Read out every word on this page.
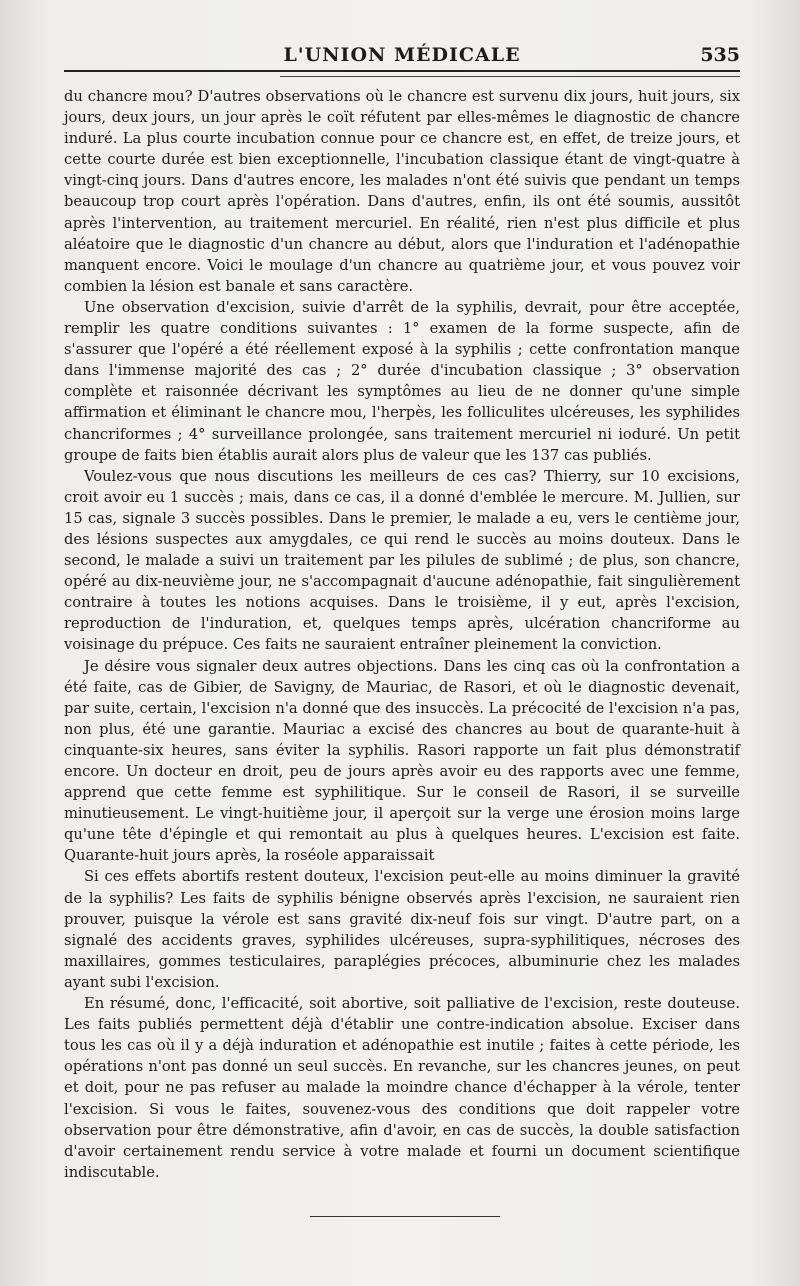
L'UNION MÉDICALE	535

du chancre mou? D'autres observations où le chancre est survenu dix jours, huit jours, six jours, deux jours, un jour après le coït réfutent par elles-mêmes le diagnostic de chancre induré. La plus courte incubation connue pour ce chancre est, en effet, de treize jours, et cette courte durée est bien exceptionnelle, l'incubation classique étant de vingt-quatre à vingt-cinq jours. Dans d'autres encore, les malades n'ont été suivis que pendant un temps beaucoup trop court après l'opération. Dans d'autres, enfin, ils ont été soumis, aussitôt après l'intervention, au traitement mercuriel. En réalité, rien n'est plus difficile et plus aléatoire que le diagnostic d'un chancre au début, alors que l'induration et l'adénopathie manquent encore. Voici le moulage d'un chancre au quatrième jour, et vous pouvez voir combien la lésion est banale et sans caractère.

Une observation d'excision, suivie d'arrêt de la syphilis, devrait, pour être acceptée, remplir les quatre conditions suivantes : 1° examen de la forme suspecte, afin de s'assurer que l'opéré a été réellement exposé à la syphilis ; cette confrontation manque dans l'immense majorité des cas ; 2° durée d'incubation classique ; 3° observation complète et raisonnée décrivant les symptômes au lieu de ne donner qu'une simple affirmation et éliminant le chancre mou, l'herpès, les folliculites ulcéreuses, les syphilides chancriformes ; 4° surveillance prolongée, sans traitement mercuriel ni ioduré. Un petit groupe de faits bien établis aurait alors plus de valeur que les 137 cas publiés.

Voulez-vous que nous discutions les meilleurs de ces cas? Thierry, sur 10 excisions, croit avoir eu 1 succès ; mais, dans ce cas, il a donné d'emblée le mercure. M. Jullien, sur 15 cas, signale 3 succès possibles. Dans le premier, le malade a eu, vers le centième jour, des lésions suspectes aux amygdales, ce qui rend le succès au moins douteux. Dans le second, le malade a suivi un traitement par les pilules de sublimé ; de plus, son chancre, opéré au dix-neuvième jour, ne s'accompagnait d'aucune adénopathie, fait singulièrement contraire à toutes les notions acquises. Dans le troisième, il y eut, après l'excision, reproduction de l'induration, et, quelques temps après, ulcération chancriforme au voisinage du prépuce. Ces faits ne sauraient entraîner pleinement la conviction.

Je désire vous signaler deux autres objections. Dans les cinq cas où la confrontation a été faite, cas de Gibier, de Savigny, de Mauriac, de Rasori, et où le diagnostic devenait, par suite, certain, l'excision n'a donné que des insuccès. La précocité de l'excision n'a pas, non plus, été une garantie. Mauriac a excisé des chancres au bout de quarante-huit à cinquante-six heures, sans éviter la syphilis. Rasori rapporte un fait plus démonstratif encore. Un docteur en droit, peu de jours après avoir eu des rapports avec une femme, apprend que cette femme est syphilitique. Sur le conseil de Rasori, il se surveille minutieusement. Le vingt-huitième jour, il aperçoit sur la verge une érosion moins large qu'une tête d'épingle et qui remontait au plus à quelques heures. L'excision est faite. Quarante-huit jours après, la roséole apparaissait

Si ces effets abortifs restent douteux, l'excision peut-elle au moins diminuer la gravité de la syphilis? Les faits de syphilis bénigne observés après l'excision, ne sauraient rien prouver, puisque la vérole est sans gravité dix-neuf fois sur vingt. D'autre part, on a signalé des accidents graves, syphilides ulcéreuses, supra-syphilitiques, nécroses des maxillaires, gommes testiculaires, paraplégies précoces, albuminurie chez les malades ayant subi l'excision.

En résumé, donc, l'efficacité, soit abortive, soit palliative de l'excision, reste douteuse. Les faits publiés permettent déjà d'établir une contre-indication absolue. Exciser dans tous les cas où il y a déjà induration et adénopathie est inutile ; faites à cette période, les opérations n'ont pas donné un seul succès. En revanche, sur les chancres jeunes, on peut et doit, pour ne pas refuser au malade la moindre chance d'échapper à la vérole, tenter l'excision. Si vous le faites, souvenez-vous des conditions que doit rappeler votre observation pour être démonstrative, afin d'avoir, en cas de succès, la double satisfaction d'avoir certainement rendu service à votre malade et fourni un document scientifique indiscutable.
